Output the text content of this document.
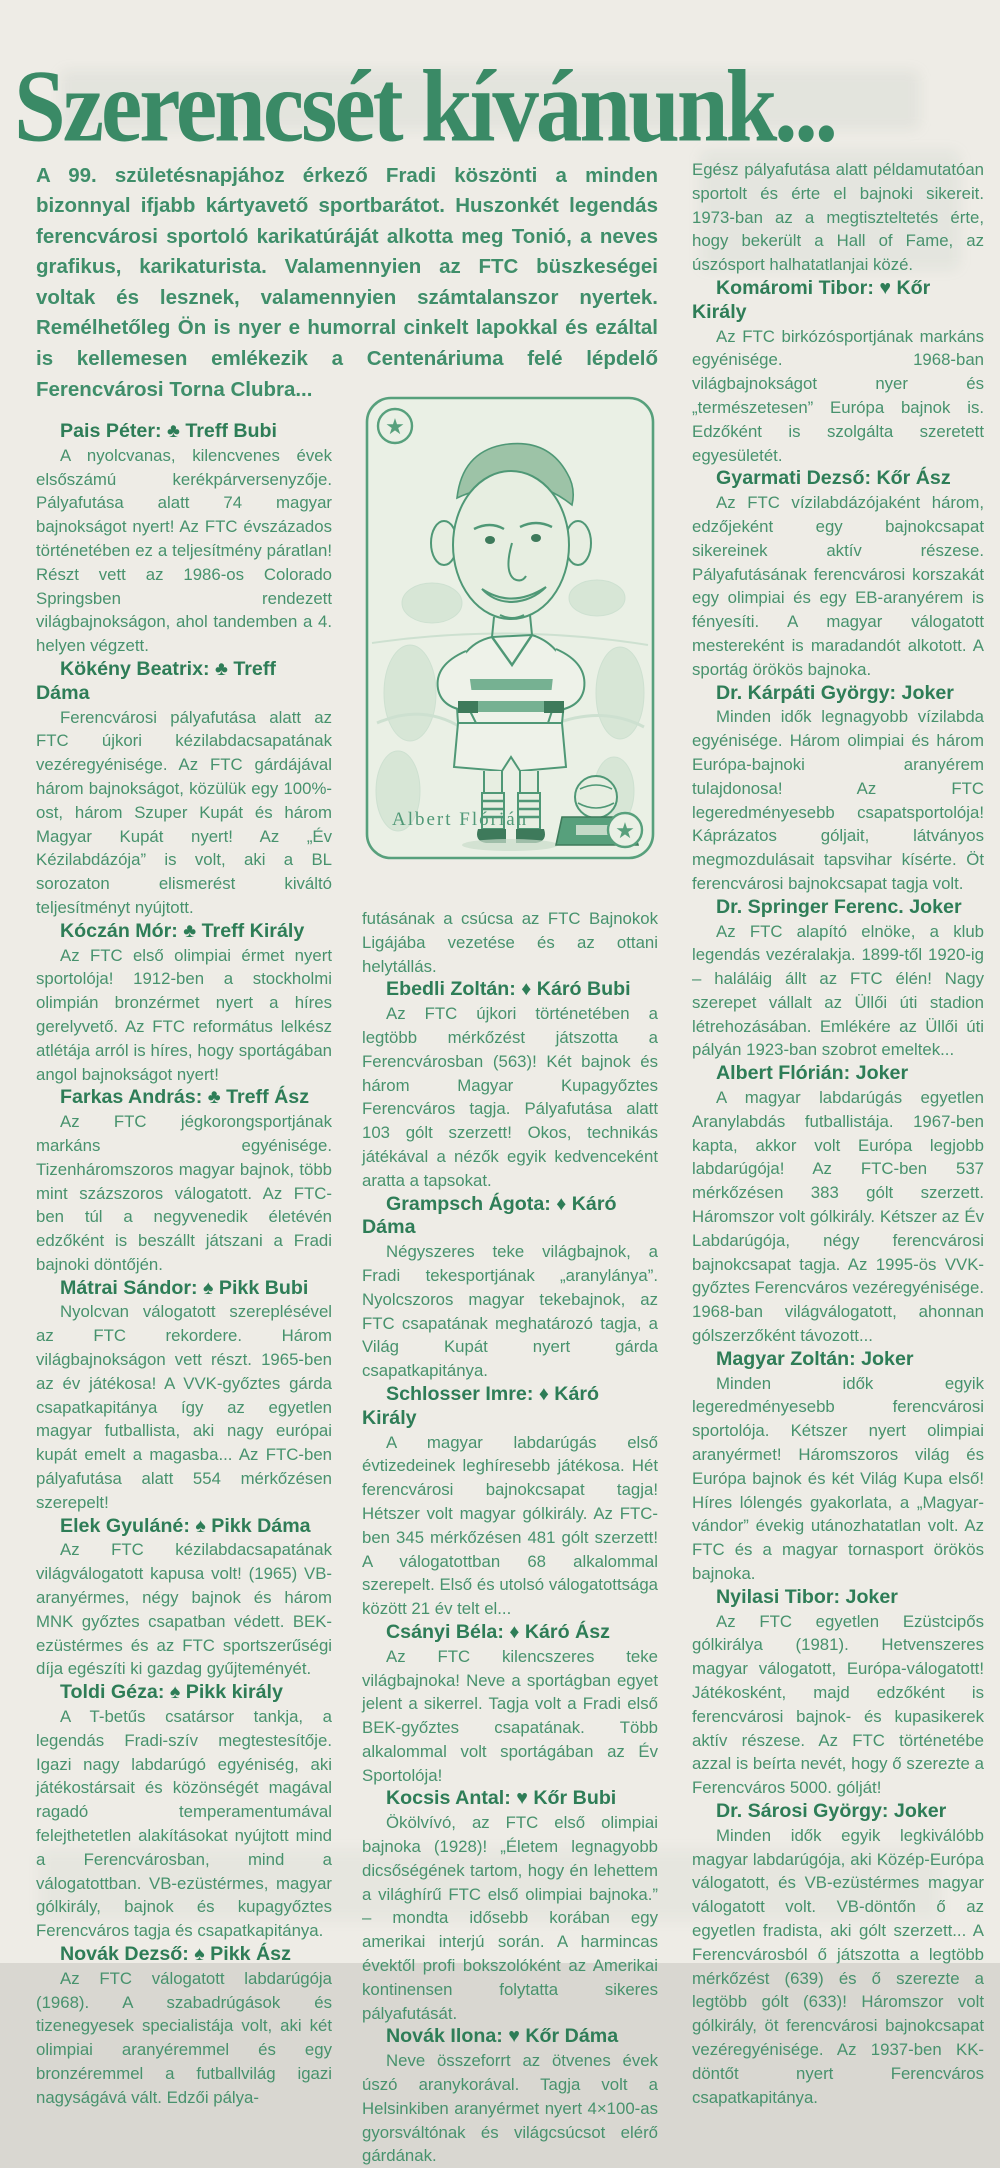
Szerencsét kívánunk...

A 99. születésnapjához érkező Fradi köszönti a minden bizonnyal ifjabb kártyavető sportbarátot. Huszonkét legendás ferencvárosi sportoló karikatúráját alkotta meg Tonió, a neves grafikus, karikaturista. Valamennyien az FTC büszkeségei voltak és lesznek, valamennyien számtalanszor nyertek. Remélhetőleg Ön is nyer e humorral cinkelt lapokkal és ezáltal is kellemesen emlékezik a Centenáriuma felé lépdelő Ferencvárosi Torna Clubra...

Pais Péter: ♣ Treff Bubi

A nyolcvanas, kilencvenes évek elsőszámú kerékpárversenyzője. Pályafutása alatt 74 magyar bajnokságot nyert! Az FTC évszázados történetében ez a teljesítmény páratlan! Részt vett az 1986-os Colorado Springsben rendezett világbajnokságon, ahol tandemben a 4. helyen végzett.

Kökény Beatrix: ♣ Treff Dáma

Ferencvárosi pályafutása alatt az FTC újkori kézilabdacsapatának vezéregyénisége. Az FTC gárdájával három bajnokságot, közülük egy 100%-ost, három Szuper Kupát és három Magyar Kupát nyert! Az „Év Kézilabdázója” is volt, aki a BL sorozaton elismerést kiváltó teljesítményt nyújtott.

Kóczán Mór: ♣ Treff Király

Az FTC első olimpiai érmet nyert sportolója! 1912-ben a stockholmi olimpián bronzérmet nyert a híres gerelyvető. Az FTC református lelkész atlétája arról is híres, hogy sportágában angol bajnokságot nyert!

Farkas András: ♣ Treff Ász

Az FTC jégkorongsportjának markáns egyénisége. Tizenháromszoros magyar bajnok, több mint százszoros válogatott. Az FTC-ben túl a negyvenedik életévén edzőként is beszállt játszani a Fradi bajnoki döntőjén.

Mátrai Sándor: ♠ Pikk Bubi

Nyolcvan válogatott szereplésével az FTC rekordere. Három világbajnokságon vett részt. 1965-ben az év játékosa! A VVK-győztes gárda csapatkapitánya így az egyetlen magyar futballista, aki nagy európai kupát emelt a magasba... Az FTC-ben pályafutása alatt 554 mérkőzésen szerepelt!

Elek Gyuláné: ♠ Pikk Dáma

Az FTC kézilabdacsapatának világválogatott kapusa volt! (1965) VB-aranyérmes, négy bajnok és három MNK győztes csapatban védett. BEK-ezüstérmes és az FTC sportszerűségi díja egészíti ki gazdag gyűjteményét.

Toldi Géza: ♠ Pikk király

A T-betűs csatársor tankja, a legendás Fradi-szív megtestesítője. Igazi nagy labdarúgó egyéniség, aki játékostársait és közönségét magával ragadó temperamentumával felejthetetlen alakításokat nyújtott mind a Ferencvárosban, mind a válogatottban. VB-ezüstérmes, magyar gólkirály, bajnok és kupagyőztes Ferencváros tagja és csapatkapitánya.

Novák Dezső: ♠ Pikk Ász

Az FTC válogatott labdarúgója (1968). A szabadrúgások és tizenegyesek specialistája volt, aki két olimpiai aranyéremmel és egy bronzéremmel a futballvilág igazi nagyságává vált. Edzői pálya-

★
★
Albert Flórián

futásának a csúcsa az FTC Bajnokok Ligájába vezetése és az ottani helytállás.

Ebedli Zoltán: ♦ Káró Bubi

Az FTC újkori történetében a legtöbb mérkőzést játszotta a Ferencvárosban (563)! Két bajnok és három Magyar Kupagyőztes Ferencváros tagja. Pályafutása alatt 103 gólt szerzett! Okos, technikás játékával a nézők egyik kedvenceként aratta a tapsokat.

Grampsch Ágota: ♦ Káró Dáma

Négyszeres teke világbajnok, a Fradi tekesportjának „aranylánya”. Nyolcszoros magyar tekebajnok, az FTC csapatának meghatározó tagja, a Világ Kupát nyert gárda csapatkapitánya.

Schlosser Imre: ♦ Káró Király

A magyar labdarúgás első évtizedeinek leghíresebb játékosa. Hét ferencvárosi bajnokcsapat tagja! Hétszer volt magyar gólkirály. Az FTC-ben 345 mérkőzésen 481 gólt szerzett! A válogatottban 68 alkalommal szerepelt. Első és utolsó válogatottsága között 21 év telt el...

Csányi Béla: ♦ Káró Ász

Az FTC kilencszeres teke világbajnoka! Neve a sportágban egyet jelent a sikerrel. Tagja volt a Fradi első BEK-győztes csapatának. Több alkalommal volt sportágában az Év Sportolója!

Kocsis Antal: ♥ Kőr Bubi

Ökölvívó, az FTC első olimpiai bajnoka (1928)! „Életem legnagyobb dicsőségének tartom, hogy én lehettem a világhírű FTC első olimpiai bajnoka.” – mondta idősebb korában egy amerikai interjú során. A harmincas évektől profi bokszolóként az Amerikai kontinensen folytatta sikeres pályafutását.

Novák Ilona: ♥ Kőr Dáma

Neve összeforrt az ötvenes évek úszó aranykorával. Tagja volt a Helsinkiben aranyérmet nyert 4×100-as gyorsváltónak és világcsúcsot elérő gárdának.

Egész pályafutása alatt példamutatóan sportolt és érte el bajnoki sikereit. 1973-ban az a megtiszteltetés érte, hogy bekerült a Hall of Fame, az úszósport halhatatlanjai közé.

Komáromi Tibor: ♥ Kőr Király

Az FTC birkózósportjának markáns egyénisége. 1968-ban világbajnokságot nyer és „természetesen” Európa bajnok is. Edzőként is szolgálta szeretett egyesületét.

Gyarmati Dezső: Kőr Ász

Az FTC vízilabdázójaként három, edzőjeként egy bajnokcsapat sikereinek aktív részese. Pályafutásának ferencvárosi korszakát egy olimpiai és egy EB-aranyérem is fényesíti. A magyar válogatott mestereként is maradandót alkotott. A sportág örökös bajnoka.

Dr. Kárpáti György: Joker

Minden idők legnagyobb vízilabda egyénisége. Három olimpiai és három Európa-bajnoki aranyérem tulajdonosa! Az FTC legeredményesebb csapatsportolója! Káprázatos góljait, látványos megmozdulásait tapsvihar kísérte. Öt ferencvárosi bajnokcsapat tagja volt.

Dr. Springer Ferenc. Joker

Az FTC alapító elnöke, a klub legendás vezéralakja. 1899-től 1920-ig – haláláig állt az FTC élén! Nagy szerepet vállalt az Üllői úti stadion létrehozásában. Emlékére az Üllői úti pályán 1923-ban szobrot emeltek...

Albert Flórián: Joker

A magyar labdarúgás egyetlen Aranylabdás futballistája. 1967-ben kapta, akkor volt Európa legjobb labdarúgója! Az FTC-ben 537 mérkőzésen 383 gólt szerzett. Háromszor volt gólkirály. Kétszer az Év Labdarúgója, négy ferencvárosi bajnokcsapat tagja. Az 1995-ös VVK-győztes Ferencváros vezéregyénisége. 1968-ban világválogatott, ahonnan gólszerzőként távozott...

Magyar Zoltán: Joker

Minden idők egyik legeredményesebb ferencvárosi sportolója. Kétszer nyert olimpiai aranyérmet! Háromszoros világ és Európa bajnok és két Világ Kupa első! Híres lólengés gyakorlata, a „Magyar-vándor” évekig utánozhatatlan volt. Az FTC és a magyar tornasport örökös bajnoka.

Nyilasi Tibor: Joker

Az FTC egyetlen Ezüstcipős gólkirálya (1981). Hetvenszeres magyar válogatott, Európa-válogatott! Játékosként, majd edzőként is ferencvárosi bajnok- és kupasikerek aktív részese. Az FTC történetébe azzal is beírta nevét, hogy ő szerezte a Ferencváros 5000. gólját!

Dr. Sárosi György: Joker

Minden idők egyik legkiválóbb magyar labdarúgója, aki Közép-Európa válogatott, és VB-ezüstérmes magyar válogatott volt. VB-döntőn ő az egyetlen fradista, aki gólt szerzett... A Ferencvárosból ő játszotta a legtöbb mérkőzést (639) és ő szerezte a legtöbb gólt (633)! Háromszor volt gólkirály, öt ferencvárosi bajnokcsapat vezéregyénisége. Az 1937-ben KK-döntőt nyert Ferencváros csapatkapitánya.
